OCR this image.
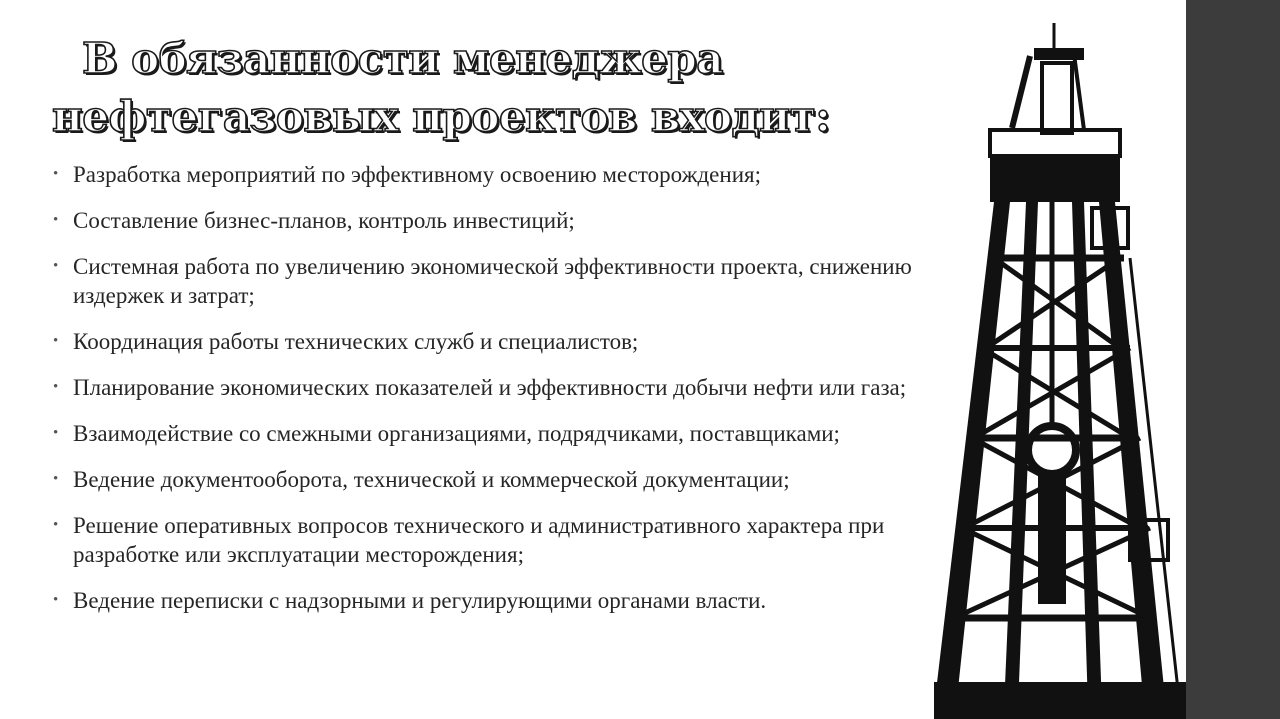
В обязанности менеджера
нефтегазовых проектов входит:
• Разработка мероприятий по эффективному освоению месторождения;
• Составление бизнес-планов, контроль инвестиций;
• Системная работа по увеличению экономической эффективности проекта, снижению издержек и затрат;
• Координация работы технических служб и специалистов;
• Планирование экономических показателей и эффективности добычи нефти или газа;
• Взаимодействие со смежными организациями, подрядчиками, поставщиками;
• Ведение документооборота, технической и коммерческой документации;
• Решение оперативных вопросов технического и административного характера при разработке или эксплуатации месторождения;
• Ведение переписки с надзорными и регулирующими органами власти.
